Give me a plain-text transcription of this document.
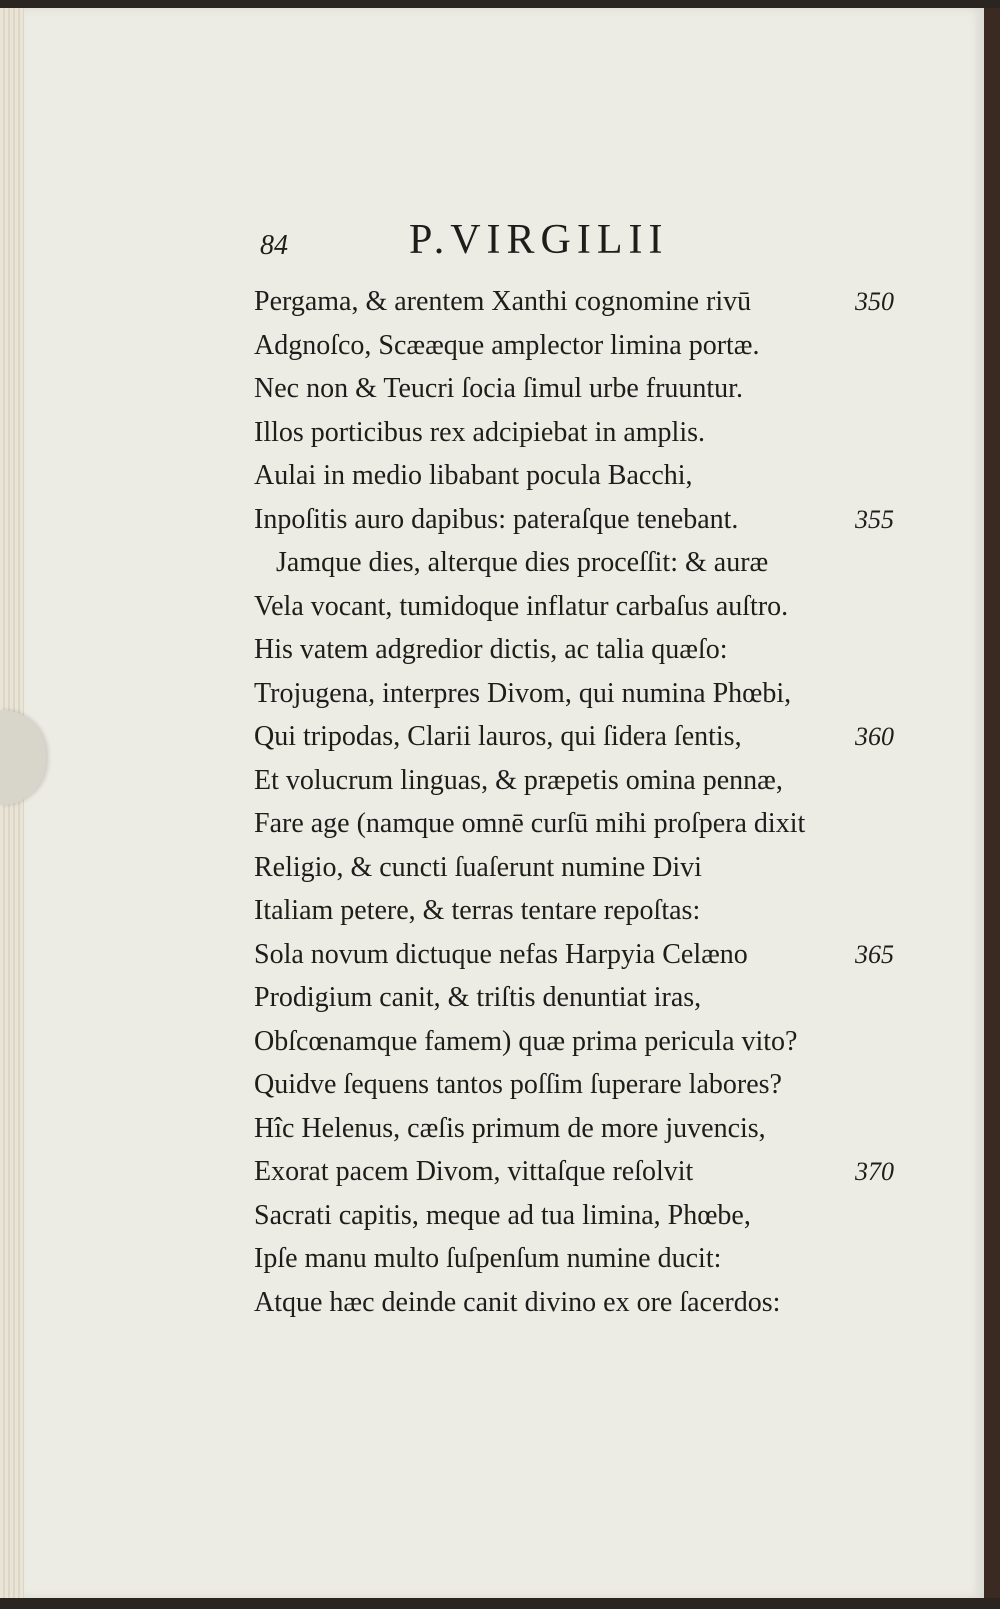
84	P.VIRGILII
Pergama, & arentem Xanthi cognomine rivū	350
Adgnoſco, Scææque amplector limina portæ.
Nec non & Teucri ſocia ſimul urbe fruuntur.
Illos porticibus rex adcipiebat in amplis.
Aulai in medio libabant pocula Bacchi,
Inpoſitis auro dapibus: pateraſque tenebant.	355
Jamque dies, alterque dies proceſſit: & auræ
Vela vocant, tumidoque inflatur carbaſus auſtro.
His vatem adgredior dictis, ac talia quæſo:
Trojugena, interpres Divom, qui numina Phœbi,
Qui tripodas, Clarii lauros, qui ſidera ſentis,	360
Et volucrum linguas, & præpetis omina pennæ,
Fare age (namque omnē curſū mihi proſpera dixit
Religio, & cuncti ſuaſerunt numine Divi
Italiam petere, & terras tentare repoſtas:
Sola novum dictuque nefas Harpyia Celæno	365
Prodigium canit, & triſtis denuntiat iras,
Obſcœnamque famem) quæ prima pericula vito?
Quidve ſequens tantos poſſim ſuperare labores?
Hîc Helenus, cæſis primum de more juvencis,
Exorat pacem Divom, vittaſque reſolvit	370
Sacrati capitis, meque ad tua limina, Phœbe,
Ipſe manu multo ſuſpenſum numine ducit:
Atque hæc deinde canit divino ex ore ſacerdos:
